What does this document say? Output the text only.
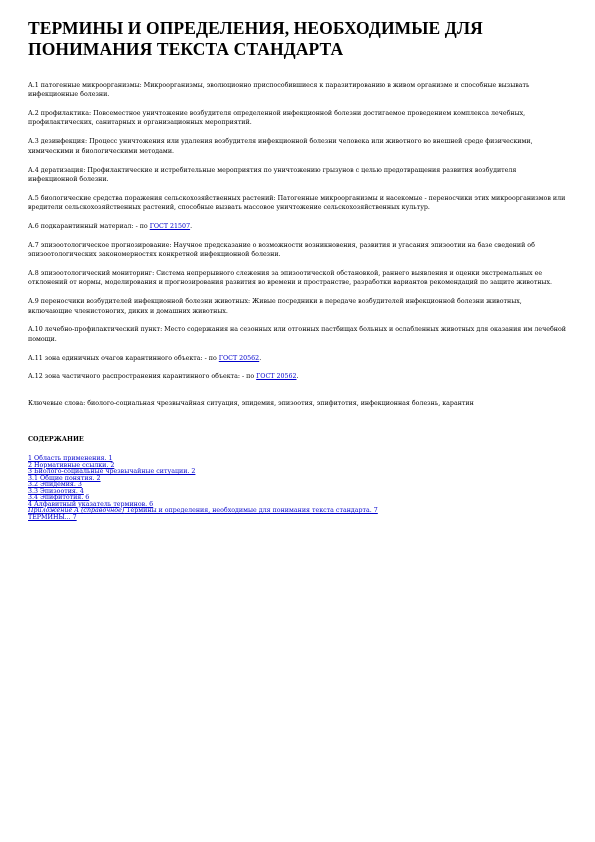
ТЕРМИНЫ И ОПРЕДЕЛЕНИЯ, НЕОБХОДИМЫЕ ДЛЯ ПОНИМАНИЯ ТЕКСТА СТАНДАРТА

А.1 патогенные микроорганизмы: Микроорганизмы, эволюционно приспособившиеся к паразитированию в живом организме и способные вызывать инфекционные болезни.

А.2 профилактика: Повсеместное уничтожение возбудителя определенной инфекционной болезни достигаемое проведением комплекса лечебных, профилактических, санитарных и организационных мероприятий.

А.3 дезинфекция: Процесс уничтожения или удаления возбудителя инфекционной болезни человека или животного во внешней среде физическими, химическими и биологическими методами.

А.4 дератизация: Профилактические и истребительные мероприятия по уничтожению грызунов с целью предотвращения развития возбудителя инфекционной болезни.

А.5 биологические средства поражения сельскохозяйственных растений: Патогенные микроорганизмы и насекомые - переносчики этих микроорганизмов или вредители сельскохозяйственных растений, способные вызвать массовое уничтожение сельскохозяйственных культур.

А.6 подкарантинный материал: - по ГОСТ 21507.

А.7 эпизоотологическое прогнозирование: Научное предсказание о возможности возникновения, развития и угасания эпизоотии на базе сведений об эпизоотологических закономерностях конкретной инфекционной болезни.

А.8 эпизоотологический мониторинг: Система непрерывного слежения за эпизоотической обстановкой, раннего выявления и оценки экстремальных ее отклонений от нормы, моделирования и прогнозирования развития во времени и пространстве, разработки вариантов рекомендаций по защите животных.

А.9 переносчики возбудителей инфекционной болезни животных: Живые посредники в передаче возбудителей инфекционной болезни животных, включающие членистоногих, диких и домашних животных.

А.10 лечебно-профилактический пункт: Место содержания на сезонных или отгонных пастбищах больных и ослабленных животных для оказания им лечебной помощи.

А.11 зона единичных очагов карантинного объекта: - по ГОСТ 20562.

А.12 зона частичного распространения карантинного объекта: - по ГОСТ 20562.

Ключевые слова: биолого-социальная чрезвычайная ситуация, эпидемия, эпизоотия, эпифитотия, инфекционная болезнь, карантин

СОДЕРЖАНИЕ
1 Область применения. 1
2 Нормативные ссылки. 2
3 Биолого-социальные чрезвычайные ситуации. 2
3.1 Общие понятия. 2
3.2 Эпидемия. 3
3.3 Эпизоотия. 4
3.4 Эпифитотия. 6
4 Алфавитный указатель терминов. 6
Приложение А (справочное) Термины и определения, необходимые для понимания текста стандарта. 7
ТЕРМИНЫ... 7
